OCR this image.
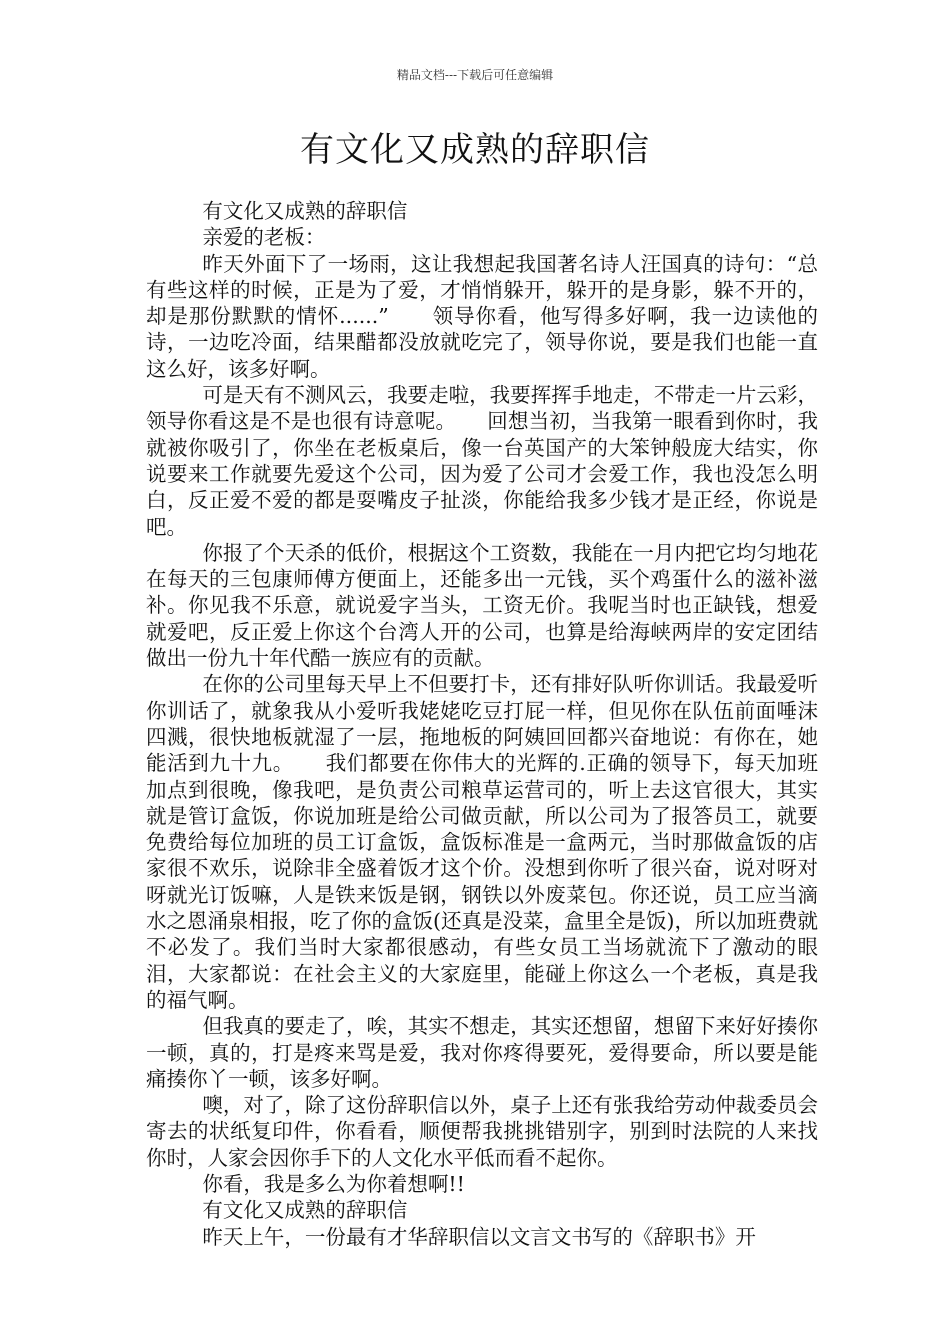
精品文档---下载后可任意编辑
有文化又成熟的辞职信

有文化又成熟的辞职信

亲爱的老板：

昨天外面下了一场雨，这让我想起我国著名诗人汪国真的诗句：“总有些这样的时候，正是为了爱，才悄悄躲开，躲开的是身影，躲不开的，却是那份默默的情怀......”　　领导你看，他写得多好啊，我一边读他的诗，一边吃冷面，结果醋都没放就吃完了，领导你说，要是我们也能一直这么好，该多好啊。

可是天有不测风云，我要走啦，我要挥挥手地走，不带走一片云彩，领导你看这是不是也很有诗意呢。　　回想当初，当我第一眼看到你时，我就被你吸引了，你坐在老板桌后，像一台英国产的大笨钟般庞大结实，你说要来工作就要先爱这个公司，因为爱了公司才会爱工作，我也没怎么明白，反正爱不爱的都是耍嘴皮子扯淡，你能给我多少钱才是正经，你说是吧。

你报了个天杀的低价，根据这个工资数，我能在一月内把它均匀地花在每天的三包康师傅方便面上，还能多出一元钱，买个鸡蛋什么的滋补滋补。你见我不乐意，就说爱字当头，工资无价。我呢当时也正缺钱，想爱就爱吧，反正爱上你这个台湾人开的公司，也算是给海峡两岸的安定团结做出一份九十年代酷一族应有的贡献。

在你的公司里每天早上不但要打卡，还有排好队听你训话。我最爱听你训话了，就象我从小爱听我姥姥吃豆打屁一样，但见你在队伍前面唾沫四溅，很快地板就湿了一层，拖地板的阿姨回回都兴奋地说：有你在，她能活到九十九。　　我们都要在你伟大的光辉的.正确的领导下，每天加班加点到很晚，像我吧，是负责公司粮草运营司的，听上去这官很大，其实就是管订盒饭，你说加班是给公司做贡献，所以公司为了报答员工，就要免费给每位加班的员工订盒饭，盒饭标准是一盒两元，当时那做盒饭的店家很不欢乐，说除非全盛着饭才这个价。没想到你听了很兴奋，说对呀对呀就光订饭嘛，人是铁来饭是钢，钢铁以外废菜包。你还说，员工应当滴水之恩涌泉相报，吃了你的盒饭(还真是没菜，盒里全是饭)，所以加班费就不必发了。我们当时大家都很感动，有些女员工当场就流下了激动的眼泪，大家都说：在社会主义的大家庭里，能碰上你这么一个老板，真是我的福气啊。

但我真的要走了，唉，其实不想走，其实还想留，想留下来好好揍你一顿，真的，打是疼来骂是爱，我对你疼得要死，爱得要命，所以要是能痛揍你丫一顿，该多好啊。

噢，对了，除了这份辞职信以外，桌子上还有张我给劳动仲裁委员会寄去的状纸复印件，你看看，顺便帮我挑挑错别字，别到时法院的人来找你时，人家会因你手下的人文化水平低而看不起你。

你看，我是多么为你着想啊!!

有文化又成熟的辞职信

昨天上午，一份最有才华辞职信以文言文书写的《辞职书》开
